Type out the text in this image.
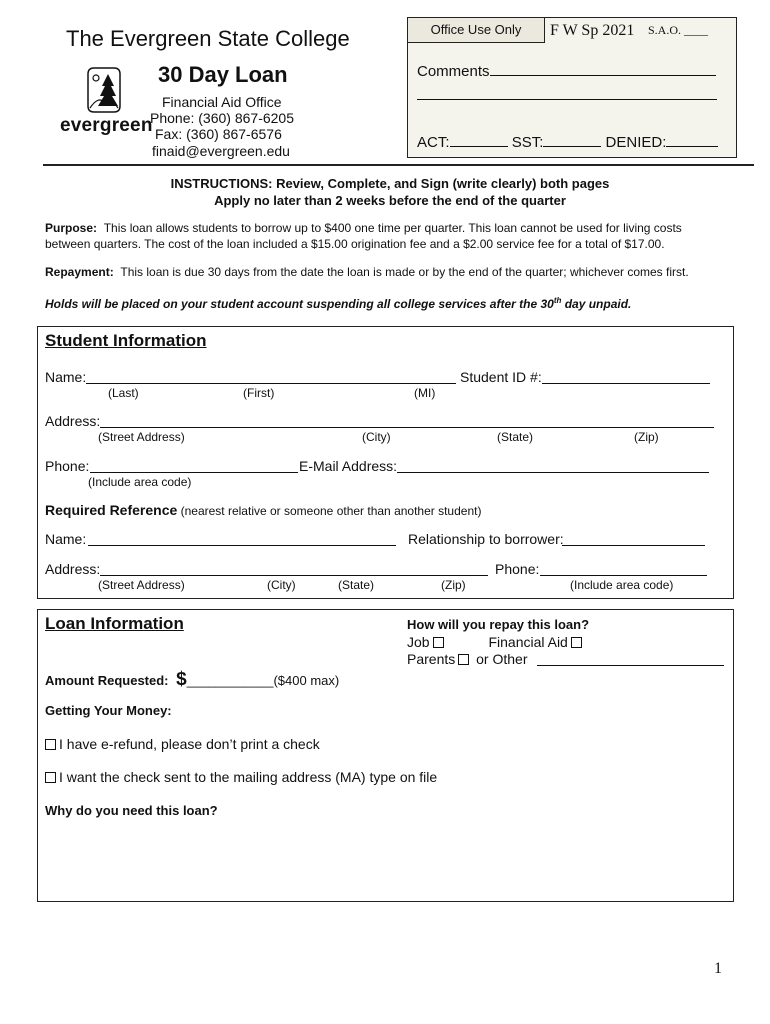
The Evergreen State College
evergreen
30 Day Loan
Financial Aid Office
Phone: (360) 867-6205
Fax: (360) 867-6576
finaid@evergreen.edu
Office Use Only	F W Sp 2021 S.A.O. ____
Comments
ACT:	SST:	DENIED:
INSTRUCTIONS: Review, Complete, and Sign (write clearly) both pages
Apply no later than 2 weeks before the end of the quarter
Purpose: This loan allows students to borrow up to $400 one time per quarter. This loan cannot be used for living costs
between quarters. The cost of the loan included a $15.00 origination fee and a $2.00 service fee for a total of $17.00.
Repayment: This loan is due 30 days from the date the loan is made or by the end of the quarter; whichever comes first.
Holds will be placed on your student account suspending all college services after the 30th day unpaid.
Student Information
Name:	Student ID #:
(Last)	(First)	(MI)
Address:
(Street Address)	(City)	(State)	(Zip)
Phone:	E-Mail Address:
(Include area code)
Required Reference (nearest relative or someone other than another student)
Name:	Relationship to borrower:
Address:	Phone:
(Street Address)	(City)	(State)	(Zip)	(Include area code)
Loan Information	How will you repay this loan?
Job	Financial Aid
Parents or Other
Amount Requested: $____________($400 max)
Getting Your Money:
I have e-refund, please don’t print a check
I want the check sent to the mailing address (MA) type on file
Why do you need this loan?
1
